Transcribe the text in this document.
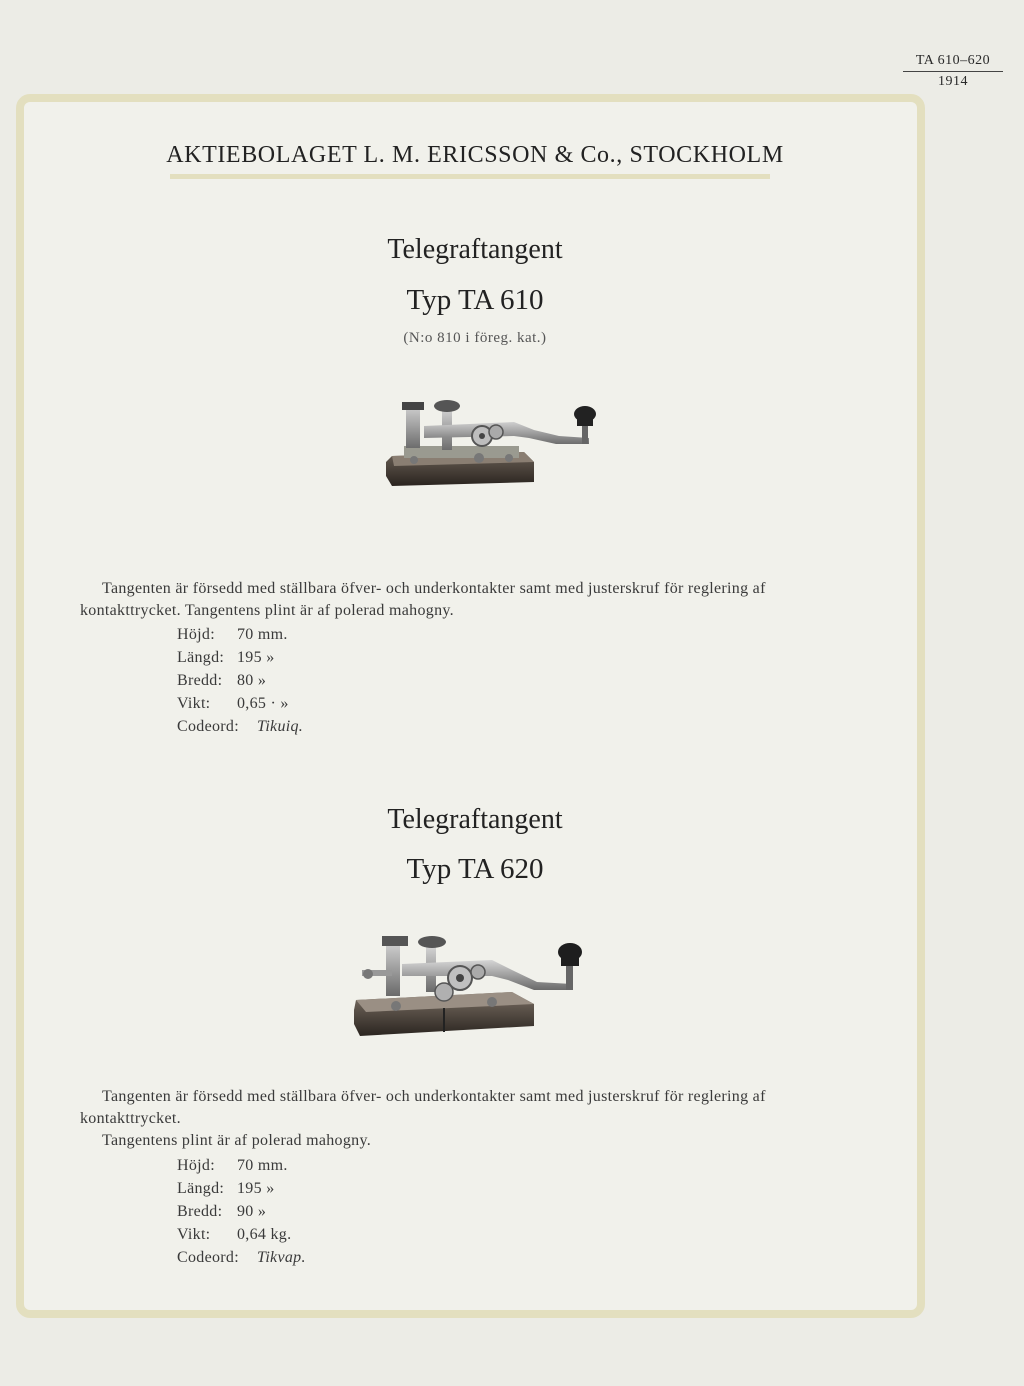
TA 610–620
1914
AKTIEBOLAGET L. M. ERICSSON & Co., STOCKHOLM
Telegraftangent
Typ TA 610
(N:o 810 i föreg. kat.)

Tangenten är försedd med ställbara öfver- och underkontakter samt med justerskruf för reglering af kontakttrycket. Tangentens plint är af polerad mahogny.

Höjd: 70 mm.
Längd: 195 »
Bredd: 80 »
Vikt: 0,65 · »
Codeord: Tikuiq.
Telegraftangent
Typ TA 620

Tangenten är försedd med ställbara öfver- och underkontakter samt med justerskruf för reglering af kontakttrycket.

Tangentens plint är af polerad mahogny.

Höjd: 70 mm.
Längd: 195 »
Bredd: 90 »
Vikt: 0,64 kg.
Codeord: Tikvap.
